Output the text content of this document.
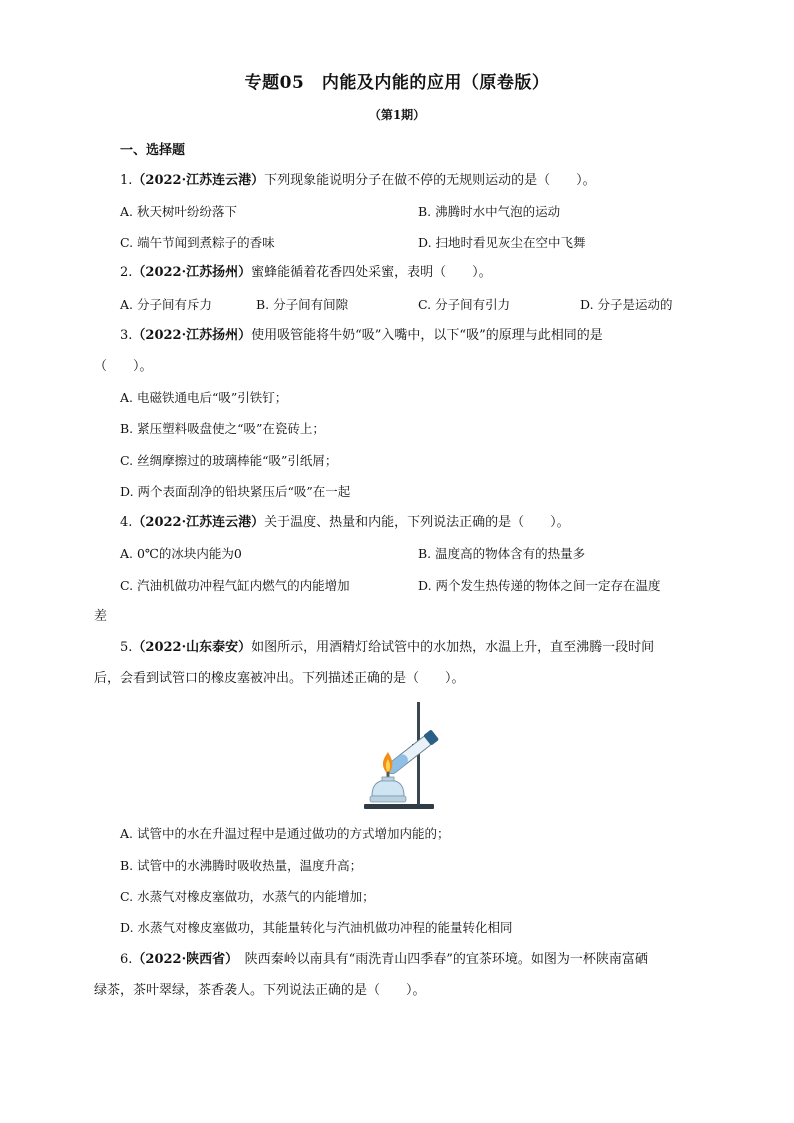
专题05　内能及内能的应用（原卷版）
（第1期）
一、选择题
1.（2022·江苏连云港）下列现象能说明分子在做不停的无规则运动的是（　　）。
A. 秋天树叶纷纷落下	B. 沸腾时水中气泡的运动
C. 端午节闻到煮粽子的香味	D. 扫地时看见灰尘在空中飞舞
2.（2022·江苏扬州）蜜蜂能循着花香四处采蜜，表明（　　）。
A. 分子间有斥力	B. 分子间有间隙	C. 分子间有引力	D. 分子是运动的
3.（2022·江苏扬州）使用吸管能将牛奶“吸”入嘴中，以下“吸”的原理与此相同的是
（　　）。
A. 电磁铁通电后“吸”引铁钉；
B. 紧压塑料吸盘使之“吸”在瓷砖上；
C. 丝绸摩擦过的玻璃棒能“吸”引纸屑；
D. 两个表面刮净的铅块紧压后“吸”在一起
4.（2022·江苏连云港）关于温度、热量和内能，下列说法正确的是（　　）。
A. 0℃的冰块内能为0	B. 温度高的物体含有的热量多
C. 汽油机做功冲程气缸内燃气的内能增加	D. 两个发生热传递的物体之间一定存在温度
差
5.（2022·山东泰安）如图所示，用酒精灯给试管中的水加热，水温上升，直至沸腾一段时间
后，会看到试管口的橡皮塞被冲出。下列描述正确的是（　　）。
A. 试管中的水在升温过程中是通过做功的方式增加内能的；
B. 试管中的水沸腾时吸收热量，温度升高；
C. 水蒸气对橡皮塞做功，水蒸气的内能增加；
D. 水蒸气对橡皮塞做功，其能量转化与汽油机做功冲程的能量转化相同
6.（2022·陕西省）　陕西秦岭以南具有“雨洗青山四季春”的宜茶环境。如图为一杯陕南富硒
绿茶，茶叶翠绿，茶香袭人。下列说法正确的是（　　）。
